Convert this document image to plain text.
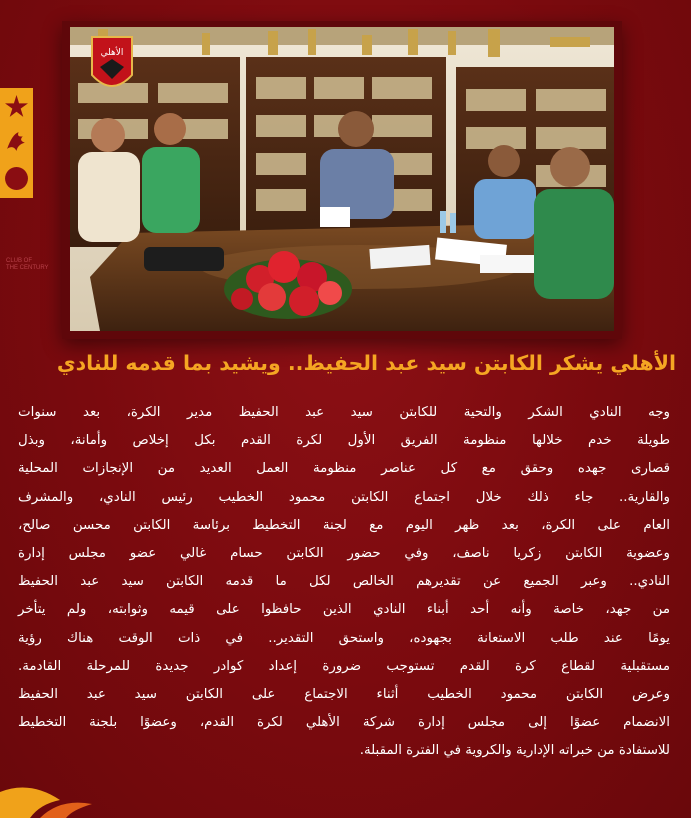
الأهلي
CLUB OF
THE CENTURY
الأهلي يشكر الكابتن سيد عبد الحفيظ.. ويشيد بما قدمه للنادي
وجه النادي الشكر والتحية للكابتن سيد عبد الحفيظ مدير الكرة، بعد سنوات
طويلة خدم خلالها منظومة الفريق الأول لكرة القدم بكل إخلاص وأمانة، وبذل
قصارى جهده وحقق مع كل عناصر منظومة العمل العديد من الإنجازات المحلية
والقارية.. جاء ذلك خلال اجتماع الكابتن محمود الخطيب رئيس النادي، والمشرف
العام على الكرة، بعد ظهر اليوم مع لجنة التخطيط برئاسة الكابتن محسن صالح،
وعضوية الكابتن زكريا ناصف، وفي حضور الكابتن حسام غالي عضو مجلس إدارة
النادي.. وعبر الجميع عن تقديرهم الخالص لكل ما قدمه الكابتن سيد عبد الحفيظ
من جهد، خاصة وأنه أحد أبناء النادي الذين حافظوا على قيمه وثوابته، ولم يتأخر
يومًا عند طلب الاستعانة بجهوده، واستحق التقدير.. في ذات الوقت هناك رؤية
مستقبلية لقطاع كرة القدم تستوجب ضرورة إعداد كوادر جديدة للمرحلة القادمة.
وعرض الكابتن محمود الخطيب أثناء الاجتماع على الكابتن سيد عبد الحفيظ
الانضمام عضوًا إلى مجلس إدارة شركة الأهلي لكرة القدم، وعضوًا بلجنة التخطيط
للاستفادة من خبراته الإدارية والكروية في الفترة المقبلة.
